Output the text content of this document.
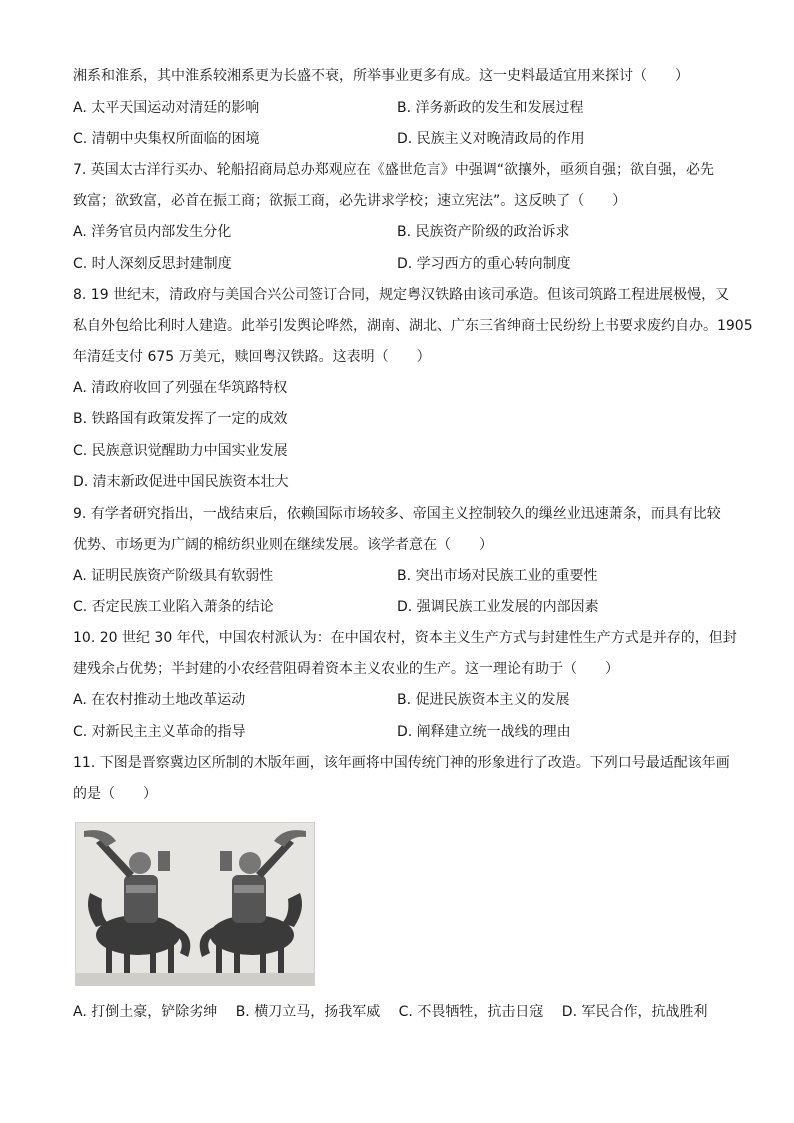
湘系和淮系，其中淮系较湘系更为长盛不衰，所举事业更多有成。这一史料最适宜用来探讨（　　）
A. 太平天国运动对清廷的影响	B. 洋务新政的发生和发展过程
C. 清朝中央集权所面临的困境	D. 民族主义对晚清政局的作用
7. 英国太古洋行买办、轮船招商局总办郑观应在《盛世危言》中强调“欲攘外，亟须自强；欲自强，必先
致富；欲致富，必首在振工商；欲振工商，必先讲求学校；速立宪法”。这反映了（　　）
A. 洋务官员内部发生分化	B. 民族资产阶级的政治诉求
C. 时人深刻反思封建制度	D. 学习西方的重心转向制度
8. 19 世纪末，清政府与美国合兴公司签订合同，规定粤汉铁路由该司承造。但该司筑路工程进展极慢，又
私自外包给比利时人建造。此举引发舆论哗然，湖南、湖北、广东三省绅商士民纷纷上书要求废约自办。1905
年清廷支付 675 万美元，赎回粤汉铁路。这表明（　　）
A. 清政府收回了列强在华筑路特权
B. 铁路国有政策发挥了一定的成效
C. 民族意识觉醒助力中国实业发展
D. 清末新政促进中国民族资本壮大
9. 有学者研究指出，一战结束后，依赖国际市场较多、帝国主义控制较久的缫丝业迅速萧条，而具有比较
优势、市场更为广阔的棉纺织业则在继续发展。该学者意在（　　）
A. 证明民族资产阶级具有软弱性	B. 突出市场对民族工业的重要性
C. 否定民族工业陷入萧条的结论	D. 强调民族工业发展的内部因素
10. 20 世纪 30 年代，中国农村派认为：在中国农村，资本主义生产方式与封建性生产方式是并存的，但封
建残余占优势；半封建的小农经营阻碍着资本主义农业的生产。这一理论有助于（　　）
A. 在农村推动土地改革运动	B. 促进民族资本主义的发展
C. 对新民主主义革命的指导	D. 阐释建立统一战线的理由
11. 下图是晋察冀边区所制的木版年画，该年画将中国传统门神的形象进行了改造。下列口号最适配该年画
的是（　　）
A. 打倒土豪，铲除劣绅 B. 横刀立马，扬我军威 C. 不畏牺牲，抗击日寇 D. 军民合作，抗战胜利
